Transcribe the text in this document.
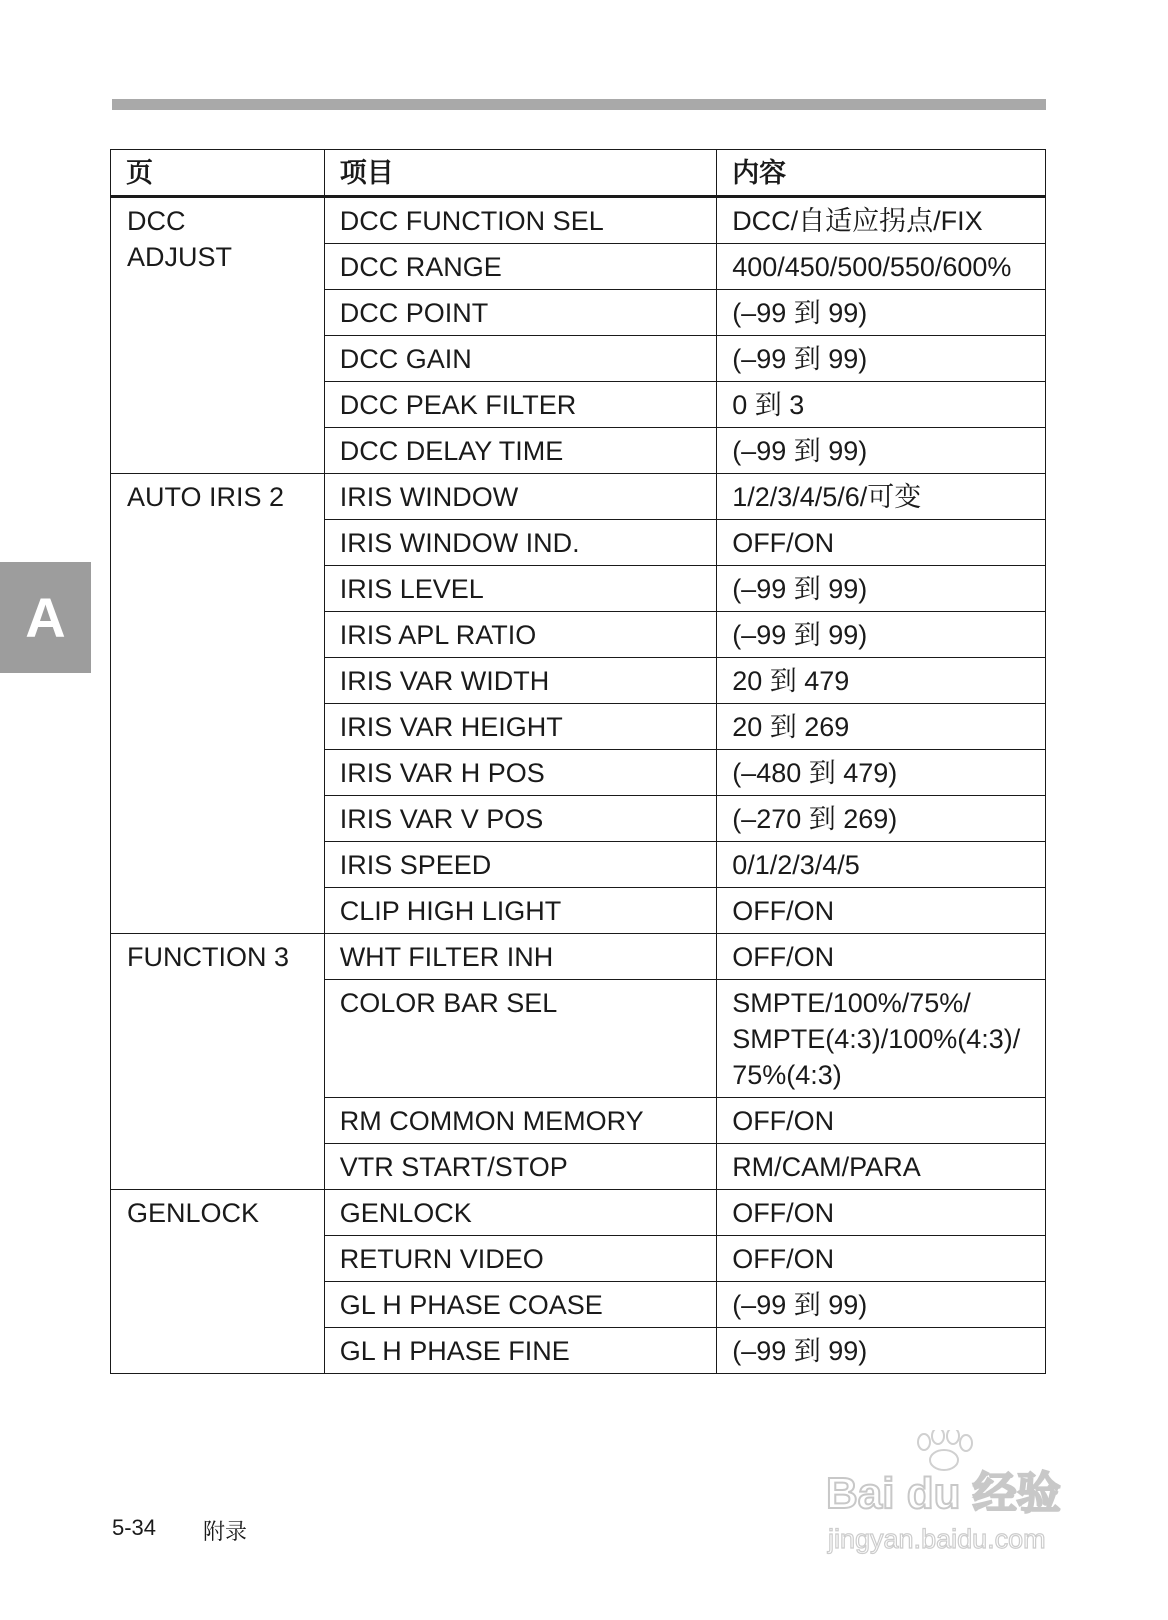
A
页	项目	内容
DCC
ADJUST	DCC FUNCTION SEL	DCC/自适应拐点/FIX
	DCC RANGE	400/450/500/550/600%
	DCC POINT	(–99 到 99)
	DCC GAIN	(–99 到 99)
	DCC PEAK FILTER	0 到 3
	DCC DELAY TIME	(–99 到 99)
AUTO IRIS 2	IRIS WINDOW	1/2/3/4/5/6/可变
	IRIS WINDOW IND.	OFF/ON
	IRIS LEVEL	(–99 到 99)
	IRIS APL RATIO	(–99 到 99)
	IRIS VAR WIDTH	20 到 479
	IRIS VAR HEIGHT	20 到 269
	IRIS VAR H POS	(–480 到 479)
	IRIS VAR V POS	(–270 到 269)
	IRIS SPEED	0/1/2/3/4/5
	CLIP HIGH LIGHT	OFF/ON
FUNCTION 3	WHT FILTER INH	OFF/ON
	COLOR BAR SEL	SMPTE/100%/75%/
SMPTE(4:3)/100%(4:3)/
75%(4:3)
	RM COMMON MEMORY	OFF/ON
	VTR START/STOP	RM/CAM/PARA
GENLOCK	GENLOCK	OFF/ON
	RETURN VIDEO	OFF/ON
	GL H PHASE COASE	(–99 到 99)
	GL H PHASE FINE	(–99 到 99)
5-34 附录
Bai du 经验
jingyan.baidu.com
